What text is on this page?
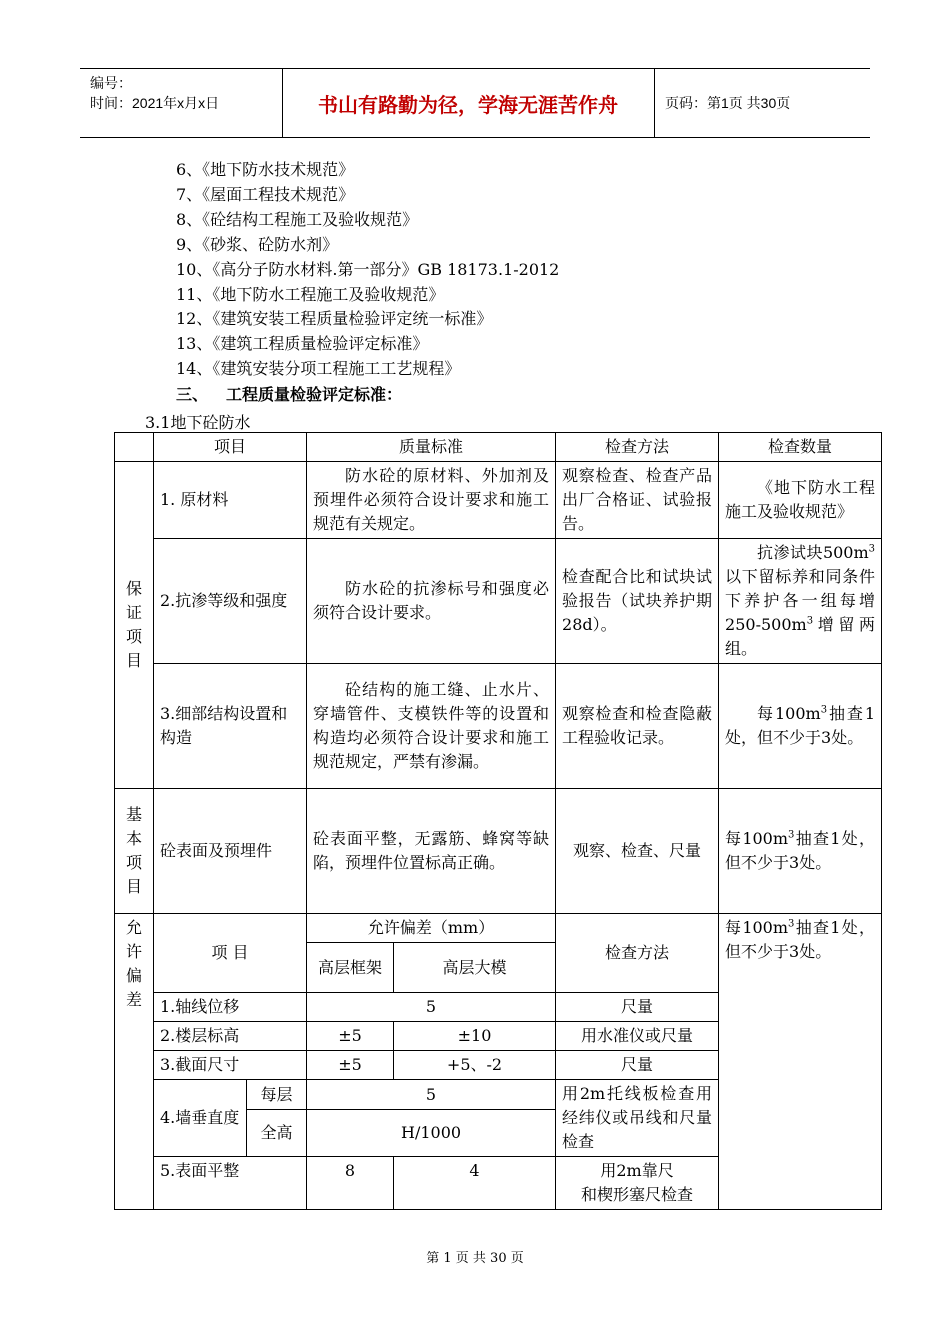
编号：
时间：2021年x月x日	书山有路勤为径，学海无涯苦作舟	页码：第1页 共30页
6、《地下防水技术规范》
7、《屋面工程技术规范》
8、《砼结构工程施工及验收规范》
9、《砂浆、砼防水剂》
10、《高分子防水材料.第一部分》GB 18173.1-2012
11、《地下防水工程施工及验收规范》
12、《建筑安装工程质量检验评定统一标准》
13、《建筑工程质量检验评定标准》
14、《建筑安装分项工程施工工艺规程》
三、 工程质量检验评定标准：
3.1地下砼防水
	项目		质量标准		检查方法	检查数量

保
证
项
目	1. 原材料		防水砼的原材料、外加剂及预埋件必须符合设计要求和施工规范有关规定。		观察检查、检查产品出厂合格证、试验报告。	《地下防水工程施工及验收规范》
	2.抗渗等级和强度		防水砼的抗渗标号和强度必须符合设计要求。		检查配合比和试块试验报告（试块养护期28d）。	抗渗试块$500m^3$以下留标养和同条件下养护各一组每增$250-500m^3$增留两组。
	3.细部结构设置和构造		砼结构的施工缝、止水片、穿墙管件、支模铁件等的设置和构造均必须符合设计要求和施工规范规定，严禁有渗漏。		观察检查和检查隐蔽工程验收记录。	每$100m^3$抽查1处，但不少于3处。

基
本
项
目	砼表面及预埋件		砼表面平整，无露筋、蜂窝等缺陷，预埋件位置标高正确。		观察、检查、尺量	每$100m^3$抽查1处，但不少于3处。

允
许
偏
差	项 目		允许偏差（mm）		检查方法	每$100m^3$抽查1处，但不少于3处。
			高层框架	高层大模		
	1.轴线位移		5		尺量	
	2.楼层标高		±5	±10	用水准仪或尺量	
	3.截面尺寸		±5	+5、-2	尺量	
	4.墙垂直度	每层	5		用2m托线板检查用经纬仪或吊线和尺量检查	
		全高	H/1000			
	5.表面平整		8	4	用2m靠尺
和楔形塞尺检查	
第 1 页 共 30 页
